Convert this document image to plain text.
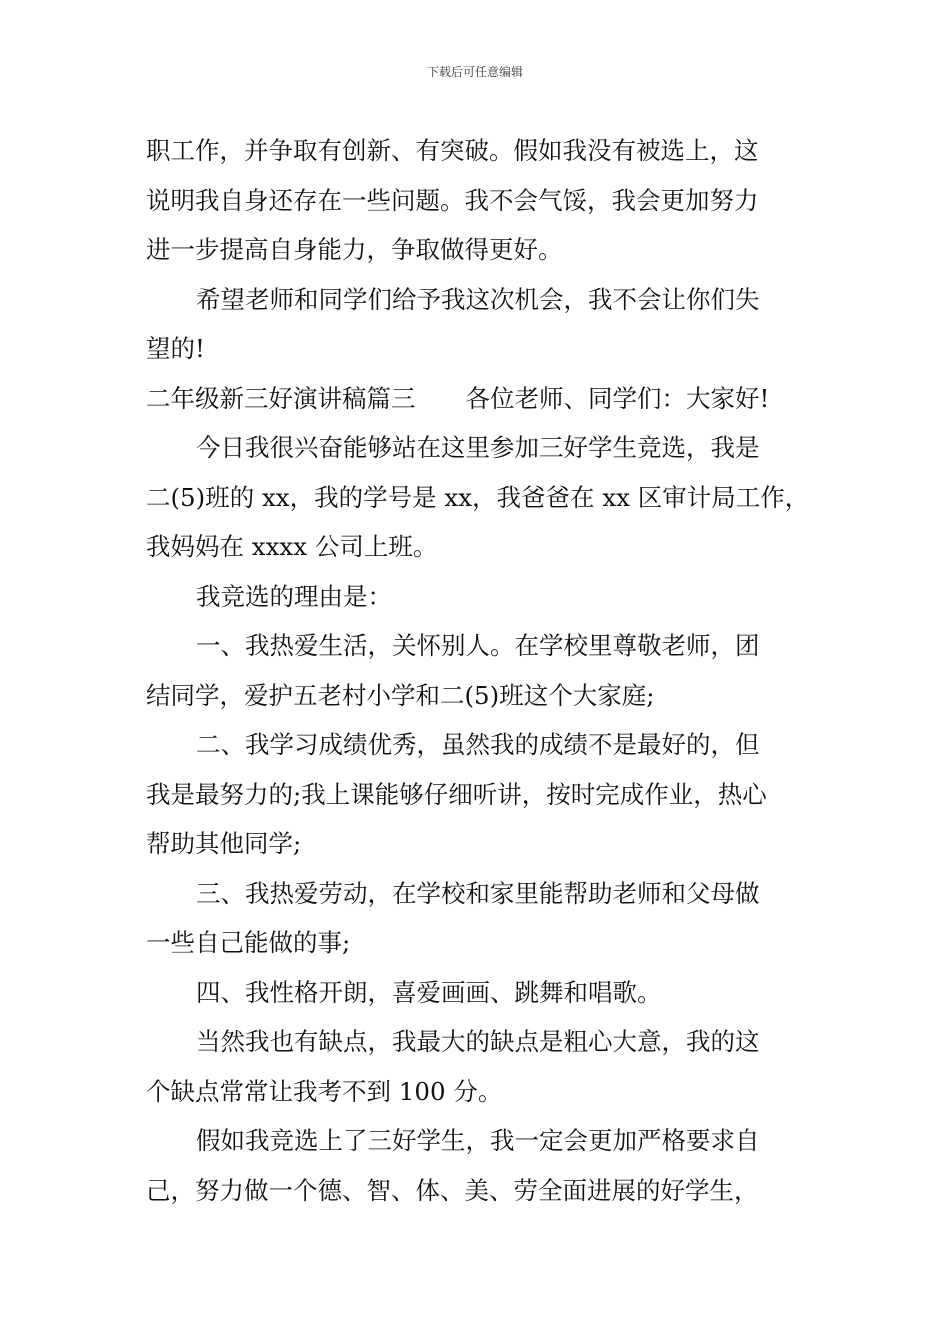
下载后可任意编辑
职工作，并争取有创新、有突破。假如我没有被选上，这
说明我自身还存在一些问题。我不会气馁，我会更加努力
进一步提高自身能力，争取做得更好。
希望老师和同学们给予我这次机会，我不会让你们失
望的!
二年级新三好演讲稿篇三 各位老师、同学们：大家好!
今日我很兴奋能够站在这里参加三好学生竞选，我是
二(5)班的 xx，我的学号是 xx，我爸爸在 xx 区审计局工作，
我妈妈在 xxxx 公司上班。
我竞选的理由是：
一、我热爱生活，关怀别人。在学校里尊敬老师，团
结同学，爱护五老村小学和二(5)班这个大家庭;
二、我学习成绩优秀，虽然我的成绩不是最好的，但
我是最努力的;我上课能够仔细听讲，按时完成作业，热心
帮助其他同学;
三、我热爱劳动，在学校和家里能帮助老师和父母做
一些自己能做的事;
四、我性格开朗，喜爱画画、跳舞和唱歌。
当然我也有缺点，我最大的缺点是粗心大意，我的这
个缺点常常让我考不到 100 分。
假如我竞选上了三好学生，我一定会更加严格要求自
己，努力做一个德、智、体、美、劳全面进展的好学生，
